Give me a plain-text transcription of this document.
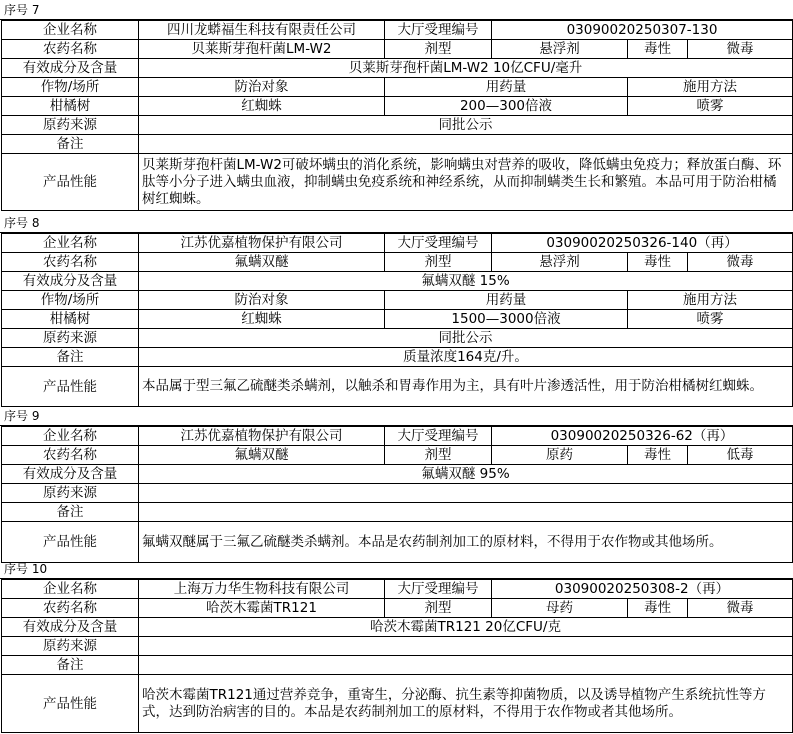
序号 7
企业名称	四川龙蟒福生科技有限责任公司	大厅受理编号	03090020250307-130		
农药名称	贝莱斯芽孢杆菌LM-W2	剂型	悬浮剂	毒性	微毒
有效成分及含量	贝莱斯芽孢杆菌LM-W2 10亿CFU/毫升				
作物/场所	防治对象	用药量		施用方法	
柑橘树	红蜘蛛	200—300倍液		喷雾	
原药来源	同批公示				
备注					
产品性能	贝莱斯芽孢杆菌LM-W2可破坏螨虫的消化系统，影响螨虫对营养的吸收，降低螨虫免疫力；释放蛋白酶、环肽等小分子进入螨虫血液，抑制螨虫免疫系统和神经系统，从而抑制螨类生长和繁殖。本品可用于防治柑橘树红蜘蛛。				
序号 8
企业名称	江苏优嘉植物保护有限公司	大厅受理编号	03090020250326-140（再）		
农药名称	氟螨双醚	剂型	悬浮剂	毒性	微毒
有效成分及含量	氟螨双醚 15%				
作物/场所	防治对象	用药量		施用方法	
柑橘树	红蜘蛛	1500—3000倍液		喷雾	
原药来源	同批公示				
备注	质量浓度164克/升。				
产品性能	本品属于型三氟乙硫醚类杀螨剂，以触杀和胃毒作用为主，具有叶片渗透活性，用于防治柑橘树红蜘蛛。				
序号 9
企业名称	江苏优嘉植物保护有限公司	大厅受理编号	03090020250326-62（再）		
农药名称	氟螨双醚	剂型	原药	毒性	低毒
有效成分及含量	氟螨双醚 95%				
原药来源					
备注					
产品性能	氟螨双醚属于三氟乙硫醚类杀螨剂。本品是农药制剂加工的原材料，不得用于农作物或其他场所。				
序号 10
企业名称	上海万力华生物科技有限公司	大厅受理编号	03090020250308-2（再）		
农药名称	哈茨木霉菌TR121	剂型	母药	毒性	微毒
有效成分及含量	哈茨木霉菌TR121 20亿CFU/克				
原药来源					
备注					
产品性能	哈茨木霉菌TR121通过营养竞争，重寄生，分泌酶、抗生素等抑菌物质，以及诱导植物产生系统抗性等方式，达到防治病害的目的。本品是农药制剂加工的原材料，不得用于农作物或者其他场所。				
